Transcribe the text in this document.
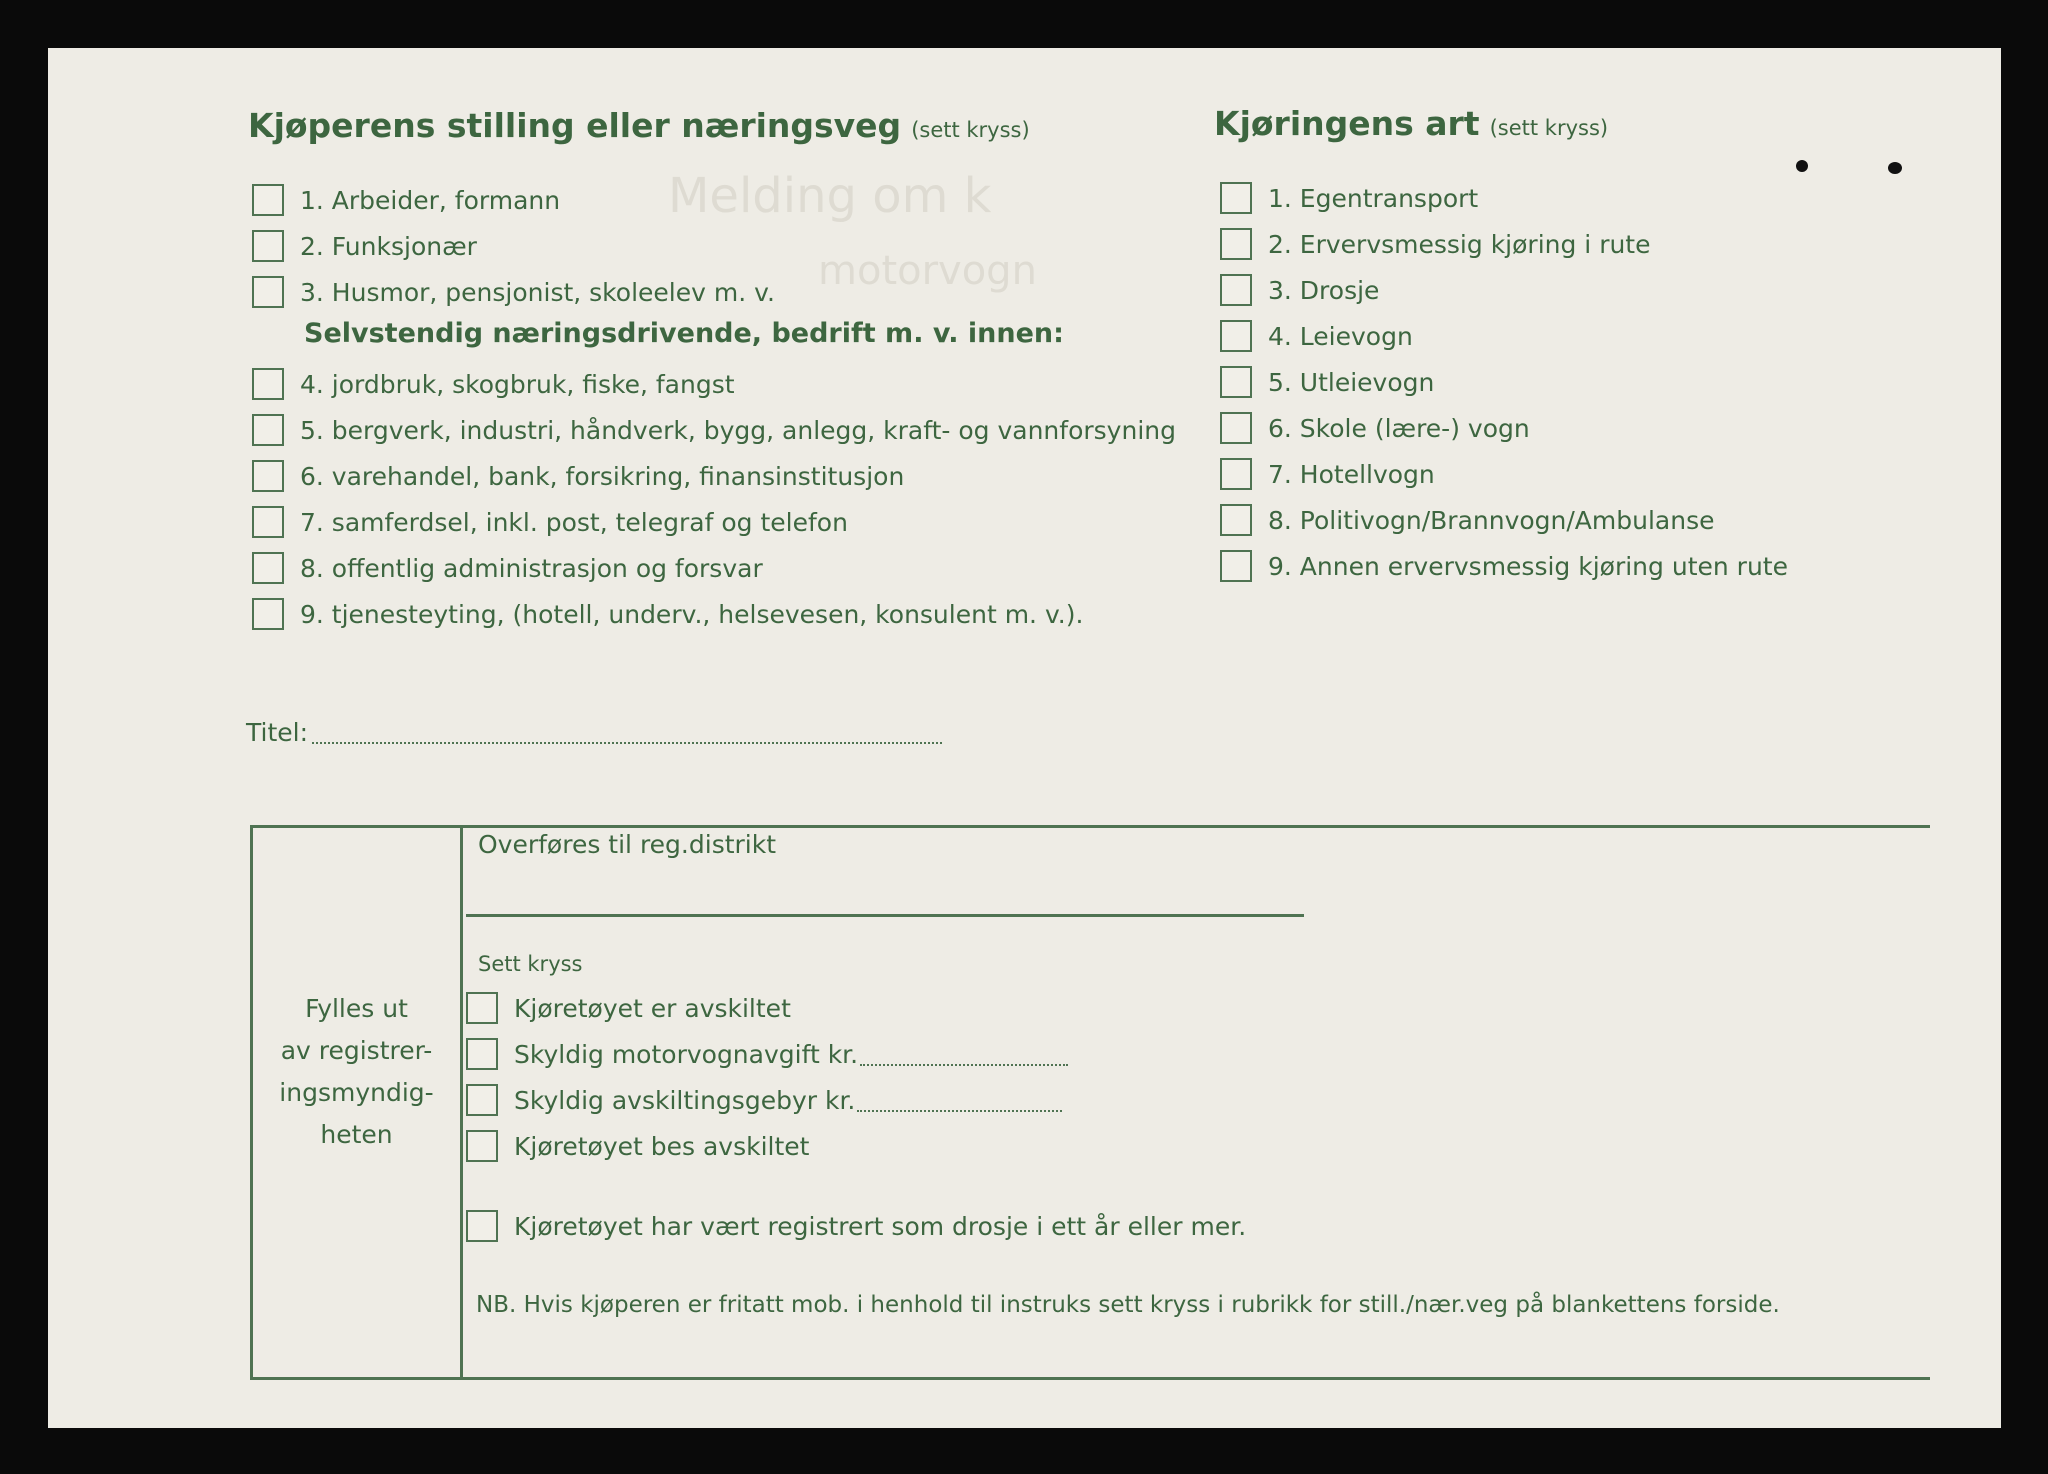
Melding om k
motorvogn
Kjøperens stilling eller næringsveg (sett kryss)
1. Arbeider, formann
2. Funksjonær
3. Husmor, pensjonist, skoleelev m. v.
Selvstendig næringsdrivende, bedrift m. v. innen:
4. jordbruk, skogbruk, fiske, fangst
5. bergverk, industri, håndverk, bygg, anlegg, kraft- og vannforsyning
6. varehandel, bank, forsikring, finansinstitusjon
7. samferdsel, inkl. post, telegraf og telefon
8. offentlig administrasjon og forsvar
9. tjenesteyting, (hotell, underv., helsevesen, konsulent m. v.).
Kjøringens art (sett kryss)
1. Egentransport
2. Ervervsmessig kjøring i rute
3. Drosje
4. Leievogn
5. Utleievogn
6. Skole (lære-) vogn
7. Hotellvogn
8. Politivogn/Brannvogn/Ambulanse
9. Annen ervervsmessig kjøring uten rute
Titel:
Fylles ut
av registrer-
ingsmyndig-
heten
Overføres til reg.distrikt
Sett kryss
Kjøretøyet er avskiltet
Skyldig motorvognavgift kr.
Skyldig avskiltingsgebyr kr.
Kjøretøyet bes avskiltet
Kjøretøyet har vært registrert som drosje i ett år eller mer.
NB. Hvis kjøperen er fritatt mob. i henhold til instruks sett kryss i rubrikk for still./nær.veg på blankettens forside.
